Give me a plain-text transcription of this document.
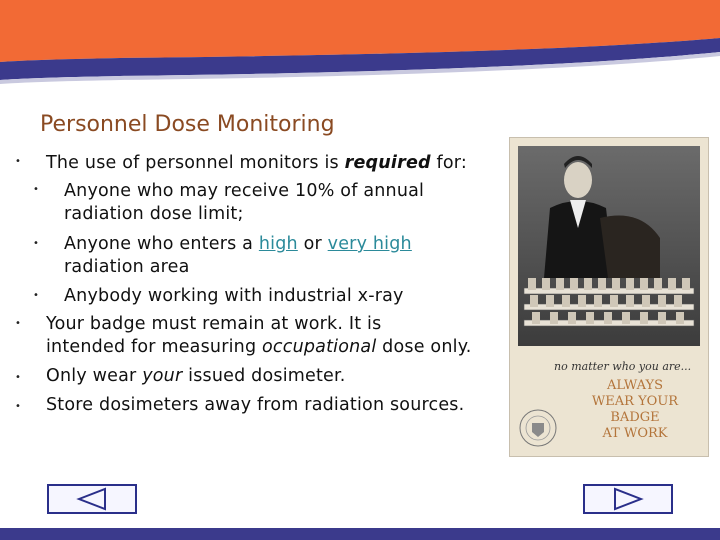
Personnel Dose Monitoring
• The use of personnel monitors is required for:
• Anyone who may receive 10% of annual
radiation dose limit;
• Anyone who enters a high or very high
radiation area
• Anybody working with industrial x-ray
• Your badge must remain at work. It is
intended for measuring occupational dose only.
• Only wear your issued dosimeter.
• Store dosimeters away from radiation sources.
no matter who you are...
ALWAYS
WEAR YOUR
BADGE
AT WORK
